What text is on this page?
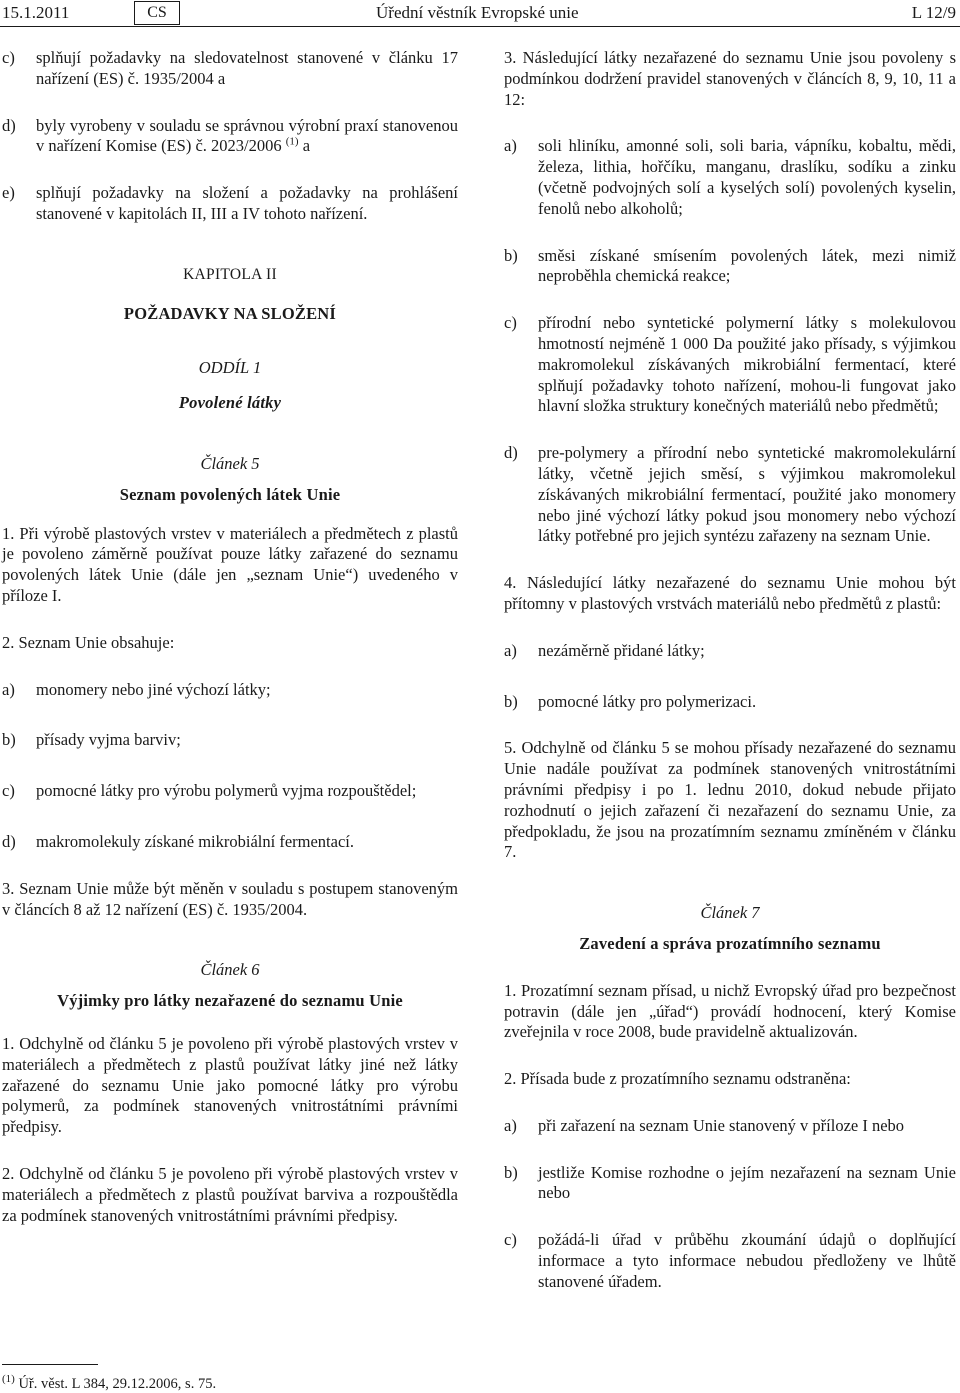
15.1.2011	CS	Úřední věstník Evropské unie	L 12/9
c)	splňují požadavky na sledovatelnost stanovené v článku 17 nařízení (ES) č. 1935/2004 a
d)	byly vyrobeny v souladu se správnou výrobní praxí stanovenou v nařízení Komise (ES) č. 2023/2006 $^{(1)}$ a
e)	splňují požadavky na složení a požadavky na prohlášení stanovené v kapitolách II, III a IV tohoto nařízení.

KAPITOLA II

POŽADAVKY NA SLOŽENÍ

ODDÍL 1

Povolené látky

Článek 5

Seznam povolených látek Unie

1. Při výrobě plastových vrstev v materiálech a předmětech z plastů je povoleno záměrně používat pouze látky zařazené do seznamu povolených látek Unie (dále jen „seznam Unie“) uvedeného v příloze I.

2. Seznam Unie obsahuje:

a)	monomery nebo jiné výchozí látky;
b)	přísady vyjma barviv;
c)	pomocné látky pro výrobu polymerů vyjma rozpouštědel;
d)	makromolekuly získané mikrobiální fermentací.

3. Seznam Unie může být měněn v souladu s postupem stanoveným v článcích 8 až 12 nařízení (ES) č. 1935/2004.

Článek 6

Výjimky pro látky nezařazené do seznamu Unie

1. Odchylně od článku 5 je povoleno při výrobě plastových vrstev v materiálech a předmětech z plastů používat látky jiné než látky zařazené do seznamu Unie jako pomocné látky pro výrobu polymerů, za podmínek stanovených vnitrostátními právními předpisy.

2. Odchylně od článku 5 je povoleno při výrobě plastových vrstev v materiálech a předmětech z plastů používat barviva a rozpouštědla za podmínek stanovených vnitrostátními právními předpisy.

3. Následující látky nezařazené do seznamu Unie jsou povoleny s podmínkou dodržení pravidel stanovených v článcích 8, 9, 10, 11 a 12:

a)	soli hliníku, amonné soli, soli baria, vápníku, kobaltu, mědi, železa, lithia, hořčíku, manganu, draslíku, sodíku a zinku (včetně podvojných solí a kyselých solí) povolených kyselin, fenolů nebo alkoholů;
b)	směsi získané smísením povolených látek, mezi nimiž neproběhla chemická reakce;
c)	přírodní nebo syntetické polymerní látky s molekulovou hmotností nejméně 1 000 Da použité jako přísady, s výjimkou makromolekul získávaných mikrobiální fermentací, které splňují požadavky tohoto nařízení, mohou-li fungovat jako hlavní složka struktury konečných materiálů nebo předmětů;
d)	pre-polymery a přírodní nebo syntetické makromolekulární látky, včetně jejich směsí, s výjimkou makromolekul získávaných mikrobiální fermentací, použité jako monomery nebo jiné výchozí látky pokud jsou monomery nebo výchozí látky potřebné pro jejich syntézu zařazeny na seznam Unie.

4. Následující látky nezařazené do seznamu Unie mohou být přítomny v plastových vrstvách materiálů nebo předmětů z plastů:

a)	nezáměrně přidané látky;
b)	pomocné látky pro polymerizaci.

5. Odchylně od článku 5 se mohou přísady nezařazené do seznamu Unie nadále používat za podmínek stanovených vnitrostátními právními předpisy i po 1. lednu 2010, dokud nebude přijato rozhodnutí o jejich zařazení či nezařazení do seznamu Unie, za předpokladu, že jsou na prozatímním seznamu zmíněném v článku 7.

Článek 7

Zavedení a správa prozatímního seznamu

1. Prozatímní seznam přísad, u nichž Evropský úřad pro bezpečnost potravin (dále jen „úřad“) provádí hodnocení, který Komise zveřejnila v roce 2008, bude pravidelně aktualizován.

2. Přísada bude z prozatímního seznamu odstraněna:

a)	při zařazení na seznam Unie stanovený v příloze I nebo
b)	jestliže Komise rozhodne o jejím nezařazení na seznam Unie nebo
c)	požádá-li úřad v průběhu zkoumání údajů o doplňující informace a tyto informace nebudou předloženy ve lhůtě stanovené úřadem.
$^{(1)}$ Úř. věst. L 384, 29.12.2006, s. 75.
